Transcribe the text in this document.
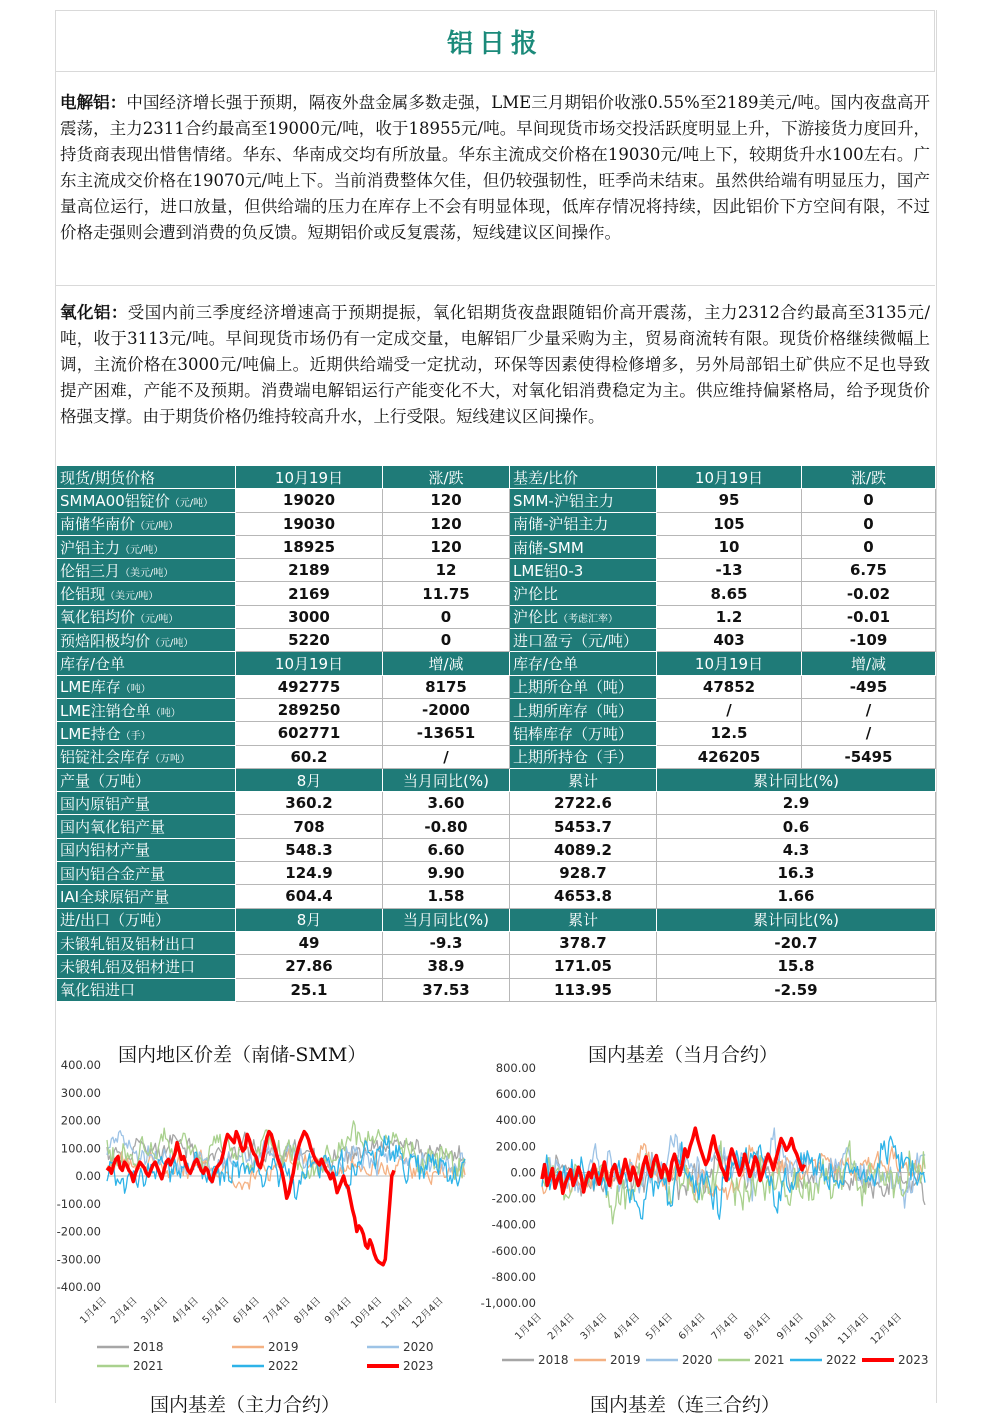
铝日报
电解铝：中国经济增长强于预期，隔夜外盘金属多数走强，LME三月期铝价收涨0.55%至2189美元/吨。国内夜盘高开震荡，主力2311合约最高至19000元/吨，收于18955元/吨。早间现货市场交投活跃度明显上升，下游接货力度回升，持货商表现出惜售情绪。华东、华南成交均有所放量。华东主流成交价格在19030元/吨上下，较期货升水100左右。广东主流成交价格在19070元/吨上下。当前消费整体欠佳，但仍较强韧性，旺季尚未结束。虽然供给端有明显压力，国产量高位运行，进口放量，但供给端的压力在库存上不会有明显体现，低库存情况将持续，因此铝价下方空间有限，不过价格走强则会遭到消费的负反馈。短期铝价或反复震荡，短线建议区间操作。
氧化铝：受国内前三季度经济增速高于预期提振，氧化铝期货夜盘跟随铝价高开震荡，主力2312合约最高至3135元/吨，收于3113元/吨。早间现货市场仍有一定成交量，电解铝厂少量采购为主，贸易商流转有限。现货价格继续微幅上调，主流价格在3000元/吨偏上。近期供给端受一定扰动，环保等因素使得检修增多，另外局部铝土矿供应不足也导致提产困难，产能不及预期。消费端电解铝运行产能变化不大，对氧化铝消费稳定为主。供应维持偏紧格局，给予现货价格强支撑。由于期货价格仍维持较高升水，上行受限。短线建议区间操作。
现货/期货价格	10月19日	涨/跌	基差/比价	10月19日	涨/跌
SMMA00铝锭价（元/吨）	19020	120	SMM-沪铝主力	95	0
南储华南价（元/吨）	19030	120	南储-沪铝主力	105	0
沪铝主力（元/吨）	18925	120	南储-SMM	10	0
伦铝三月（美元/吨）	2189	12	LME铝0-3	-13	6.75
伦铝现（美元/吨）	2169	11.75	沪伦比	8.65	-0.02
氧化铝均价（元/吨）	3000	0	沪伦比（考虑汇率）	1.2	-0.01
预焙阳极均价（元/吨）	5220	0	进口盈亏（元/吨）	403	-109
库存/仓单	10月19日	增/减	库存/仓单	10月19日	增/减
LME库存（吨）	492775	8175	上期所仓单（吨）	47852	-495
LME注销仓单（吨）	289250	-2000	上期所库存（吨）	/	/
LME持仓（手）	602771	-13651	铝棒库存（万吨）	12.5	/
铝锭社会库存（万吨）	60.2	/	上期所持仓（手）	426205	-5495
产量（万吨）	8月	当月同比(%)	累计	累计同比(%)	
国内原铝产量	360.2	3.60	2722.6	2.9	
国内氧化铝产量	708	-0.80	5453.7	0.6	
国内铝材产量	548.3	6.60	4089.2	4.3	
国内铝合金产量	124.9	9.90	928.7	16.3	
IAI全球原铝产量	604.4	1.58	4653.8	1.66	
进/出口（万吨）	8月	当月同比(%)	累计	累计同比(%)	
未锻轧铝及铝材出口	49	-9.3	378.7	-20.7	
未锻轧铝及铝材进口	27.86	38.9	171.05	15.8	
氧化铝进口	25.1	37.53	113.95	-2.59	
国内地区价差（南储-SMM）	国内基差（当月合约）
400.00
300.00
200.00
100.00
0.00
-100.00
-200.00
-300.00
-400.00
1月4日 2月4日 3月4日 4月4日 5月4日 6月4日 7月4日 8月4日 9月4日
10月4日
11月4日
12月4日
2018	2019	2020
2021	2022	2023
800.00
600.00
400.00
200.00
0.00
-200.00
-400.00
-600.00
-800.00
-1,000.00
1月4日 2月4日 3月4日 4月4日 5月4日 6月4日 7月4日 8月4日 9月4日
10月4日
11月4日
12月4日
2018	2019	2020	2021	2022	2023
国内基差（主力合约）	国内基差（连三合约）
